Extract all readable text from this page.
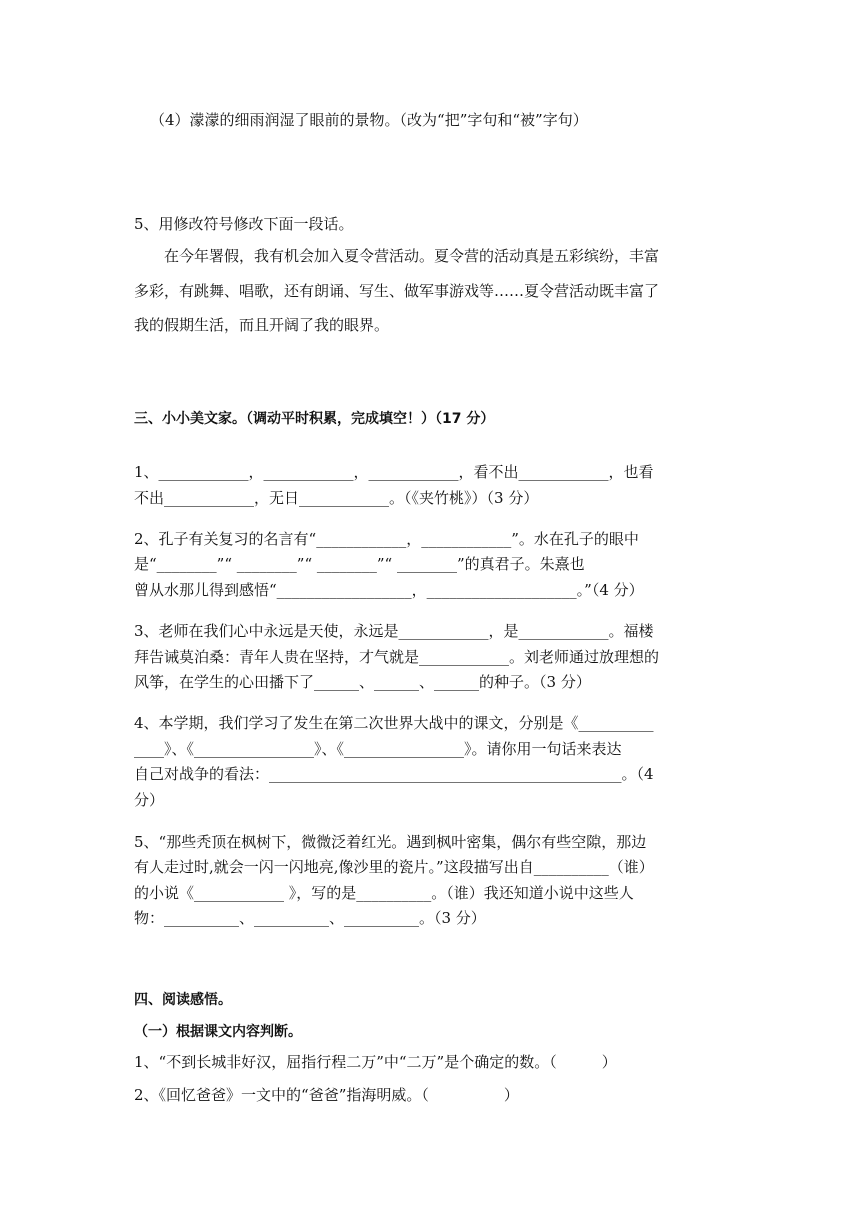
（4）濛濛的细雨润湿了眼前的景物。（改为“把”字句和“被”字句）
5、用修改符号修改下面一段话。
在今年署假，我有机会加入夏令营活动。夏令营的活动真是五彩缤纷，丰富
多彩，有跳舞、唱歌，还有朗诵、写生、做军事游戏等……夏令营活动既丰富了
我的假期生活，而且开阔了我的眼界。
三、小小美文家。（调动平时积累，完成填空！）（17 分）
1、____________，____________，____________，看不出____________，也看
不出____________，无日____________。（《夹竹桃》）（3 分）
2、孔子有关复习的名言有“____________，____________”。水在孔子的眼中
是“________”“ ________”“ ________”“ ________”的真君子。朱熹也
曾从水那儿得到感悟“__________________，____________________。”（4 分）
3、老师在我们心中永远是天使，永远是____________，是____________。福楼
拜告诫莫泊桑：青年人贵在坚持，才气就是____________。刘老师通过放理想的
风筝，在学生的心田播下了______、______、______的种子。（3 分）
4、本学期，我们学习了发生在第二次世界大战中的课文，分别是《__________
____》、《________________》、《________________》。请你用一句话来表达
自己对战争的看法：_______________________________________________。（4
分）
5、“那些秃顶在枫树下，微微泛着红光。遇到枫叶密集，偶尔有些空隙，那边
有人走过时,就会一闪一闪地亮,像沙里的瓷片。”这段描写出自__________（谁）
的小说《____________ 》，写的是__________。（谁）我还知道小说中这些人
物：__________、__________、__________。（3 分）
四、阅读感悟。
（一）根据课文内容判断。
1、“不到长城非好汉，屈指行程二万”中“二万”是个确定的数。（　　　）
2、《回忆爸爸》一文中的“爸爸”指海明威。（　　　　　）
